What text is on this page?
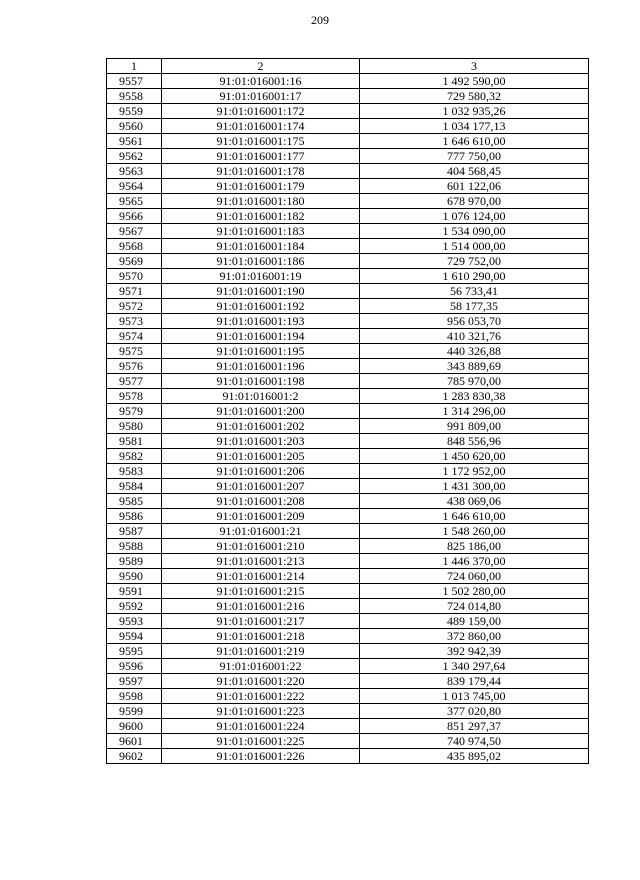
209
1	2	3
9557	91:01:016001:16	1 492 590,00
9558	91:01:016001:17	729 580,32
9559	91:01:016001:172	1 032 935,26
9560	91:01:016001:174	1 034 177,13
9561	91:01:016001:175	1 646 610,00
9562	91:01:016001:177	777 750,00
9563	91:01:016001:178	404 568,45
9564	91:01:016001:179	601 122,06
9565	91:01:016001:180	678 970,00
9566	91:01:016001:182	1 076 124,00
9567	91:01:016001:183	1 534 090,00
9568	91:01:016001:184	1 514 000,00
9569	91:01:016001:186	729 752,00
9570	91:01:016001:19	1 610 290,00
9571	91:01:016001:190	56 733,41
9572	91:01:016001:192	58 177,35
9573	91:01:016001:193	956 053,70
9574	91:01:016001:194	410 321,76
9575	91:01:016001:195	440 326,88
9576	91:01:016001:196	343 889,69
9577	91:01:016001:198	785 970,00
9578	91:01:016001:2	1 283 830,38
9579	91:01:016001:200	1 314 296,00
9580	91:01:016001:202	991 809,00
9581	91:01:016001:203	848 556,96
9582	91:01:016001:205	1 450 620,00
9583	91:01:016001:206	1 172 952,00
9584	91:01:016001:207	1 431 300,00
9585	91:01:016001:208	438 069,06
9586	91:01:016001:209	1 646 610,00
9587	91:01:016001:21	1 548 260,00
9588	91:01:016001:210	825 186,00
9589	91:01:016001:213	1 446 370,00
9590	91:01:016001:214	724 060,00
9591	91:01:016001:215	1 502 280,00
9592	91:01:016001:216	724 014,80
9593	91:01:016001:217	489 159,00
9594	91:01:016001:218	372 860,00
9595	91:01:016001:219	392 942,39
9596	91:01:016001:22	1 340 297,64
9597	91:01:016001:220	839 179,44
9598	91:01:016001:222	1 013 745,00
9599	91:01:016001:223	377 020,80
9600	91:01:016001:224	851 297,37
9601	91:01:016001:225	740 974,50
9602	91:01:016001:226	435 895,02
